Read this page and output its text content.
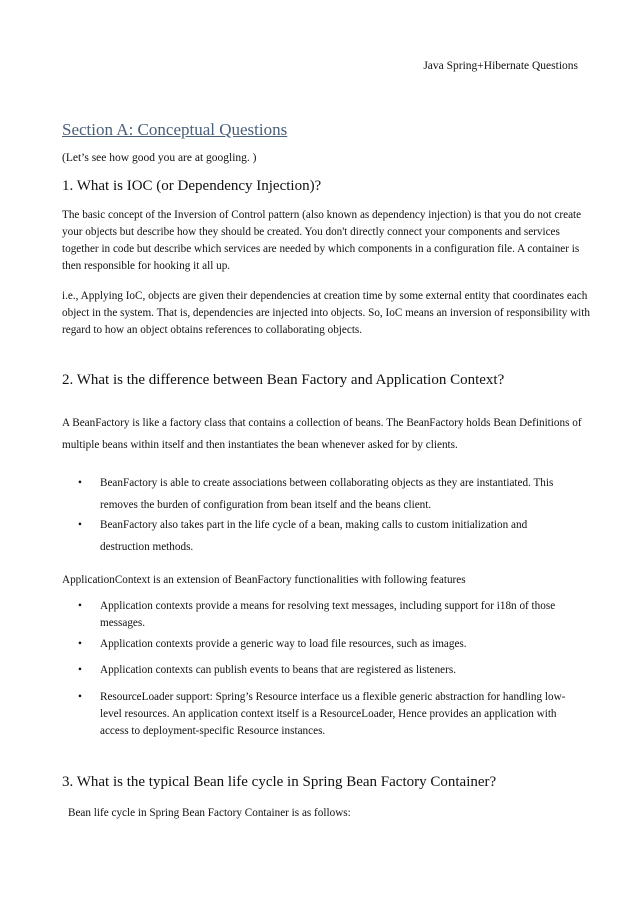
Java Spring+Hibernate Questions
Section A: Conceptual Questions
(Let’s see how good you are at googling. )
1. What is IOC (or Dependency Injection)?
The basic concept of the Inversion of Control pattern (also known as dependency injection) is that you do not create your objects but describe how they should be created. You don't directly connect your components and services together in code but describe which services are needed by which components in a configuration file. A container is then responsible for hooking it all up.
i.e., Applying IoC, objects are given their dependencies at creation time by some external entity that coordinates each object in the system. That is, dependencies are injected into objects. So, IoC means an inversion of responsibility with regard to how an object obtains references to collaborating objects.
2. What is the difference between Bean Factory and Application Context?
A BeanFactory is like a factory class that contains a collection of beans. The BeanFactory holds Bean Definitions of multiple beans within itself and then instantiates the bean whenever asked for by clients.
•	BeanFactory is able to create associations between collaborating objects as they are instantiated. This removes the burden of configuration from bean itself and the beans client.
•	BeanFactory also takes part in the life cycle of a bean, making calls to custom initialization and destruction methods.
ApplicationContext is an extension of BeanFactory functionalities with following features
•	Application contexts provide a means for resolving text messages, including support for i18n of those messages.
•	Application contexts provide a generic way to load file resources, such as images.
•	Application contexts can publish events to beans that are registered as listeners.
•	ResourceLoader support: Spring’s Resource interface us a flexible generic abstraction for handling low-level resources. An application context itself is a ResourceLoader, Hence provides an application with access to deployment-specific Resource instances.
3. What is the typical Bean life cycle in Spring Bean Factory Container?
Bean life cycle in Spring Bean Factory Container is as follows:
